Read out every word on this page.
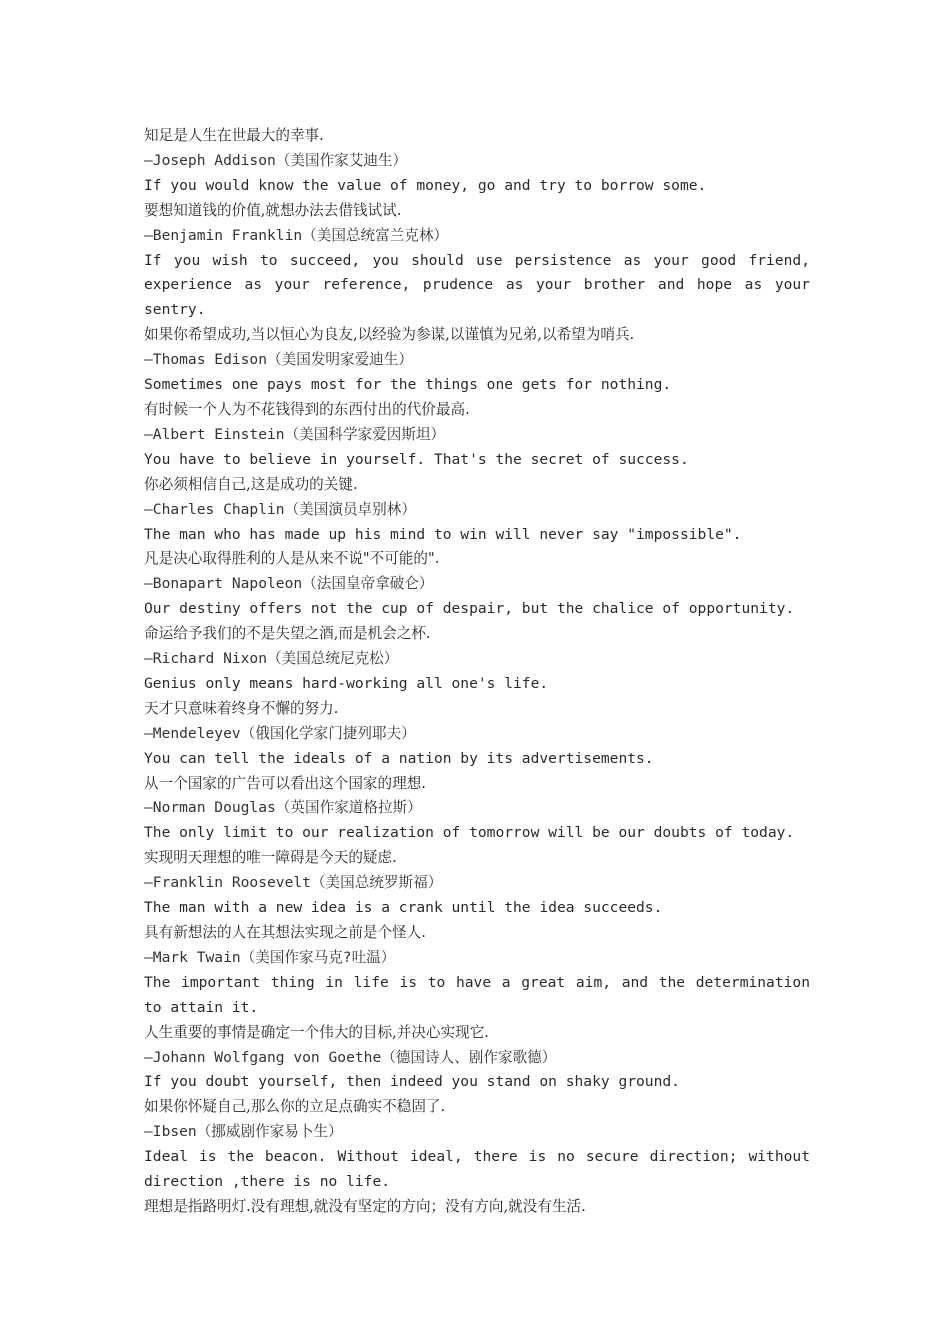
知足是人生在世最大的幸事.
—Joseph Addison（美国作家艾迪生）
If you would know the value of money, go and try to borrow some.
要想知道钱的价值,就想办法去借钱试试.
—Benjamin Franklin（美国总统富兰克林）
If you wish to succeed, you should use persistence as your good friend,
experience as your reference, prudence as your brother and hope as your
sentry.
如果你希望成功,当以恒心为良友,以经验为参谋,以谨慎为兄弟,以希望为哨兵.
—Thomas Edison（美国发明家爱迪生）
Sometimes one pays most for the things one gets for nothing.
有时候一个人为不花钱得到的东西付出的代价最高.
—Albert Einstein（美国科学家爱因斯坦）
You have to believe in yourself. That's the secret of success.
你必须相信自己,这是成功的关键.
—Charles Chaplin（美国演员卓别林）
The man who has made up his mind to win will never say "impossible".
凡是决心取得胜利的人是从来不说"不可能的".
—Bonapart Napoleon（法国皇帝拿破仑）
Our destiny offers not the cup of despair, but the chalice of opportunity.
命运给予我们的不是失望之酒,而是机会之杯.
—Richard Nixon（美国总统尼克松）
Genius only means hard-working all one's life.
天才只意味着终身不懈的努力.
—Mendeleyev（俄国化学家门捷列耶夫）
You can tell the ideals of a nation by its advertisements.
从一个国家的广告可以看出这个国家的理想.
—Norman Douglas（英国作家道格拉斯）
The only limit to our realization of tomorrow will be our doubts of today.
实现明天理想的唯一障碍是今天的疑虑.
—Franklin Roosevelt（美国总统罗斯福）
The man with a new idea is a crank until the idea succeeds.
具有新想法的人在其想法实现之前是个怪人.
—Mark Twain（美国作家马克?吐温）
The important thing in life is to have a great aim, and the determination
to attain it.
人生重要的事情是确定一个伟大的目标,并决心实现它.
—Johann Wolfgang von Goethe（德国诗人、剧作家歌德）
If you doubt yourself, then indeed you stand on shaky ground.
如果你怀疑自己,那么你的立足点确实不稳固了.
—Ibsen（挪威剧作家易卜生）
Ideal is the beacon. Without ideal, there is no secure direction; without
direction ,there is no life.
理想是指路明灯.没有理想,就没有坚定的方向；没有方向,就没有生活.
